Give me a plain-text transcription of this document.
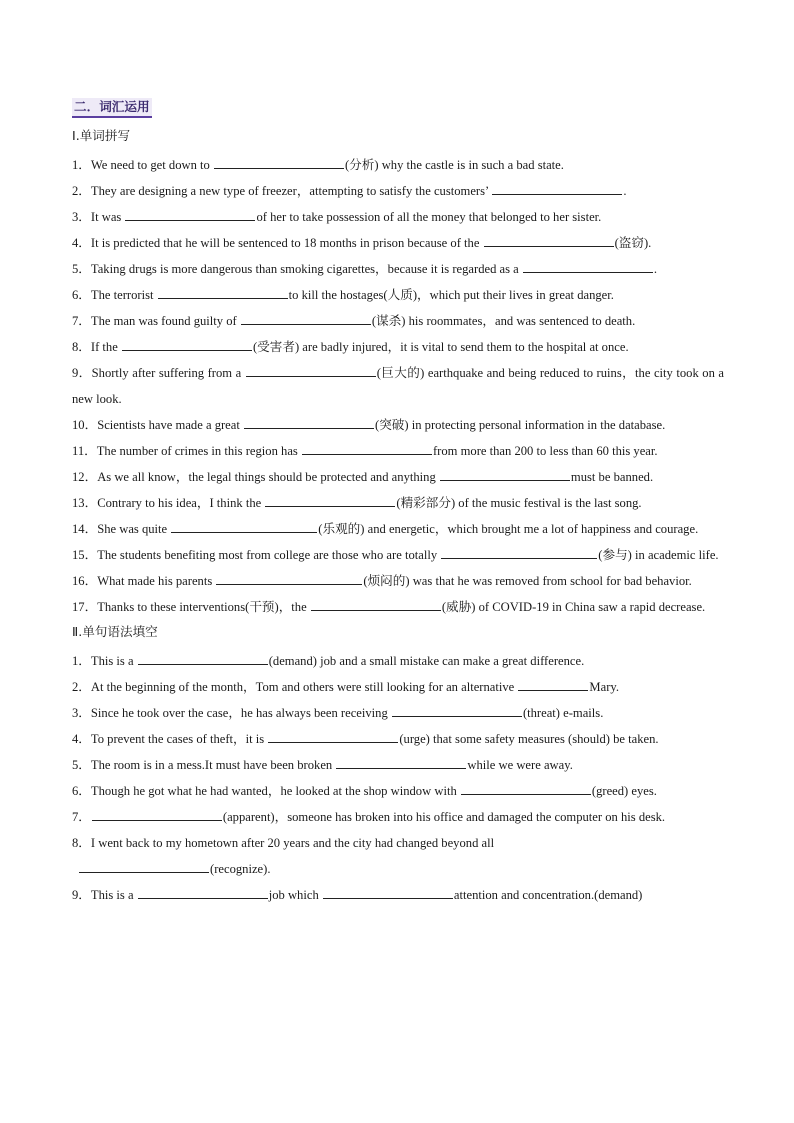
二．词汇运用
Ⅰ.单词拼写
1．We need to get down to	(分析) why the castle is in such a bad state.
2．They are designing a new type of freezer，attempting to satisfy the customers’	.
3．It was	of her to take possession of all the money that belonged to her sister.
4．It is predicted that he will be sentenced to 18 months in prison because of the	(盗窃).
5．Taking drugs is more dangerous than smoking cigarettes，because it is regarded as a	.
6．The terrorist	to kill the hostages(人质)，which put their lives in great danger.
7．The man was found guilty of	(谋杀) his roommates，and was sentenced to death.
8．If the	(受害者) are badly injured，it is vital to send them to the hospital at once.
9．Shortly after suffering from a	(巨大的) earthquake and being reduced to ruins，the city took on a new look.
10．Scientists have made a great	(突破) in protecting personal information in the database.
11．The number of crimes in this region has	from more than 200 to less than 60 this year.
12．As we all know，the legal things should be protected and anything	must be banned.
13．Contrary to his idea，I think the	(精彩部分) of the music festival is the last song.
14．She was quite	(乐观的) and energetic，which brought me a lot of happiness and courage.
15．The students benefiting most from college are those who are totally	(参与) in academic life.
16．What made his parents	(烦闷的) was that he was removed from school for bad behavior.
17．Thanks to these interventions(干预)，the	(威胁) of COVID-19 in China saw a rapid decrease.
Ⅱ.单句语法填空
1．This is a	(demand) job and a small mistake can make a great difference.
2．At the beginning of the month，Tom and others were still looking for an alternative	Mary.
3．Since he took over the case，he has always been receiving	(threat) e-mails.
4．To prevent the cases of theft，it is	(urge) that some safety measures (should) be taken.
5．The room is in a mess.It must have been broken	while we were away.
6．Though he got what he had wanted，he looked at the shop window with	(greed) eyes.
7．	(apparent)，someone has broken into his office and damaged the computer on his desk.
8．I went back to my hometown after 20 years and the city had changed beyond all
(recognize).
9．This is a	job which	attention and concentration.(demand)
